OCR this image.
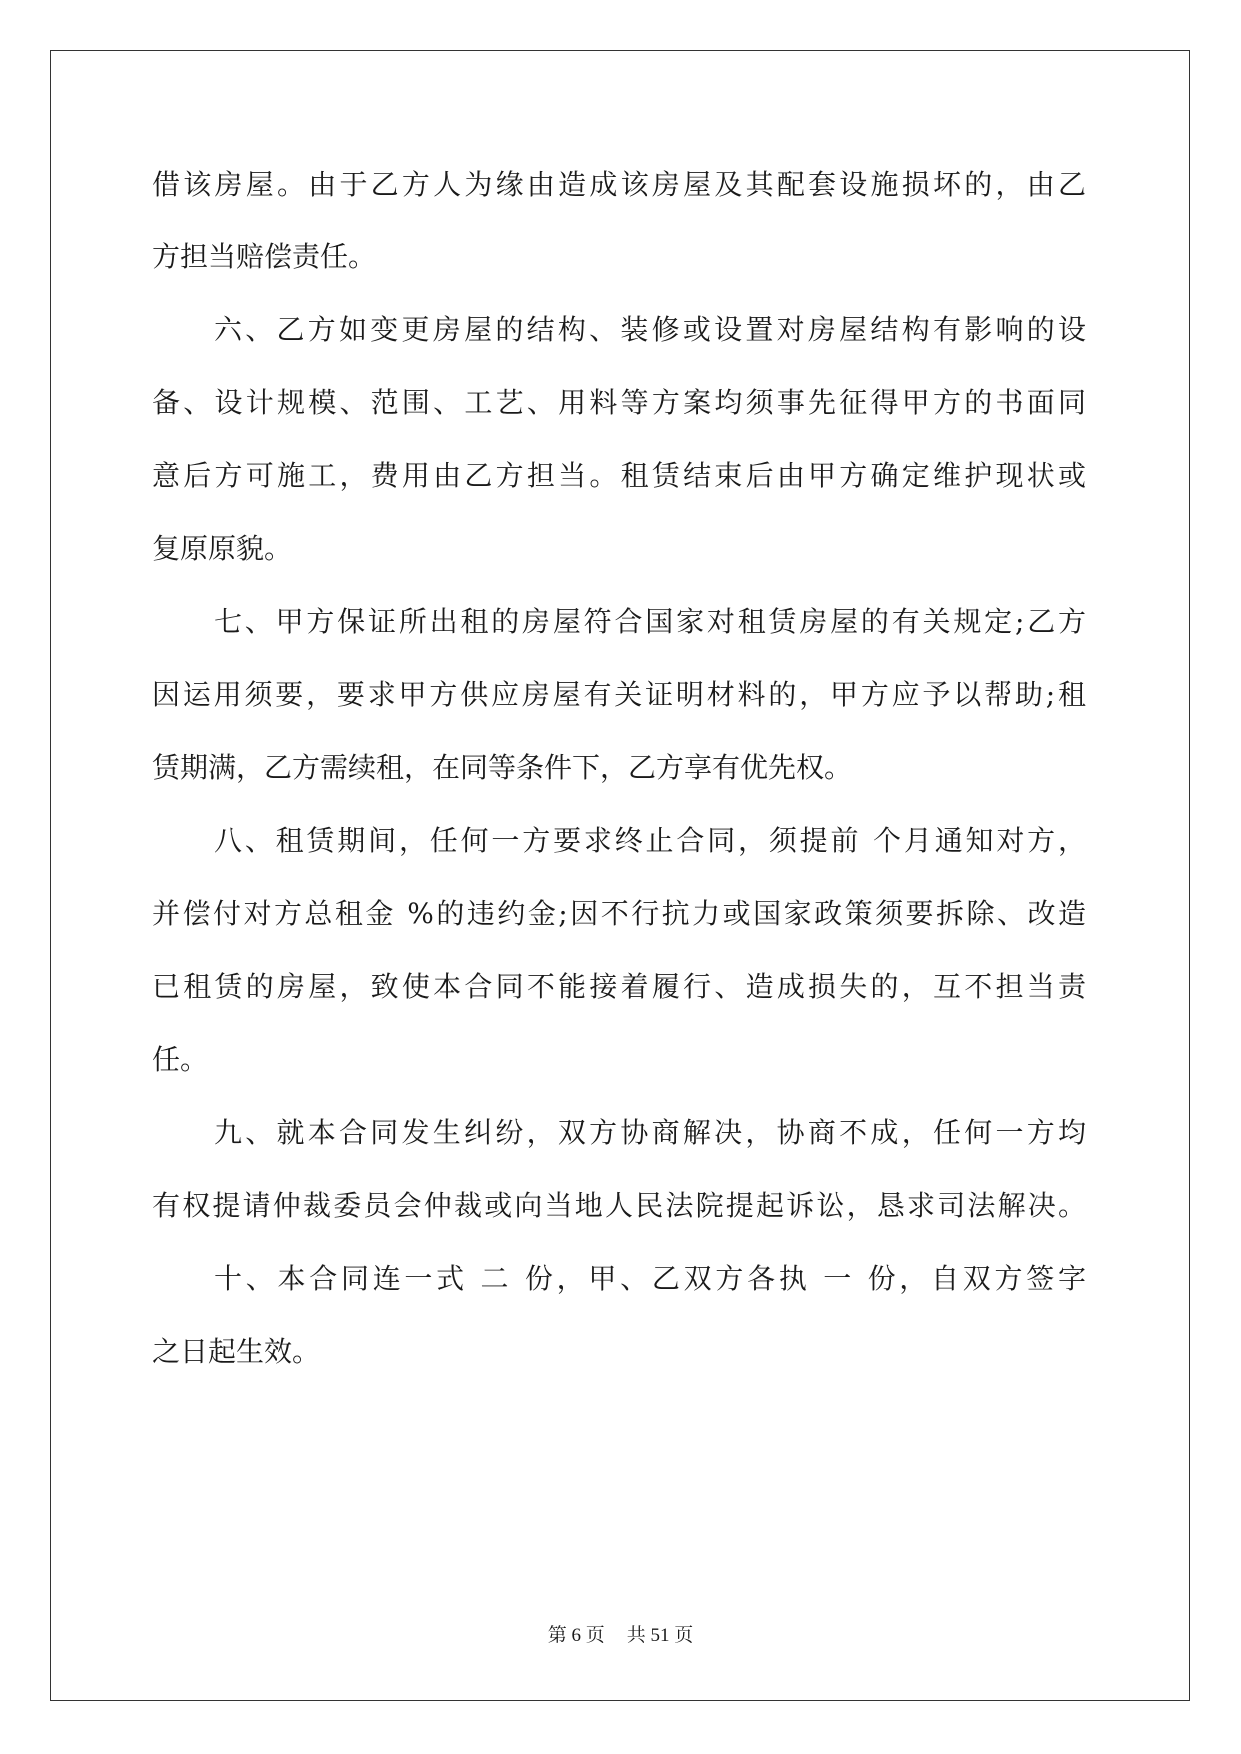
借该房屋。由于乙方人为缘由造成该房屋及其配套设施损坏的，由乙
方担当赔偿责任。
六、乙方如变更房屋的结构、装修或设置对房屋结构有影响的设
备、设计规模、范围、工艺、用料等方案均须事先征得甲方的书面同
意后方可施工，费用由乙方担当。租赁结束后由甲方确定维护现状或
复原原貌。
七、甲方保证所出租的房屋符合国家对租赁房屋的有关规定;乙方
因运用须要，要求甲方供应房屋有关证明材料的，甲方应予以帮助;租
赁期满，乙方需续租，在同等条件下，乙方享有优先权。
八、租赁期间，任何一方要求终止合同，须提前 个月通知对方，
并偿付对方总租金 %的违约金;因不行抗力或国家政策须要拆除、改造
已租赁的房屋，致使本合同不能接着履行、造成损失的，互不担当责
任。
九、就本合同发生纠纷，双方协商解决，协商不成，任何一方均
有权提请仲裁委员会仲裁或向当地人民法院提起诉讼，恳求司法解决。
十、本合同连一式 二 份，甲、乙双方各执 一 份，自双方签字
之日起生效。
第 6 页 共 51 页
